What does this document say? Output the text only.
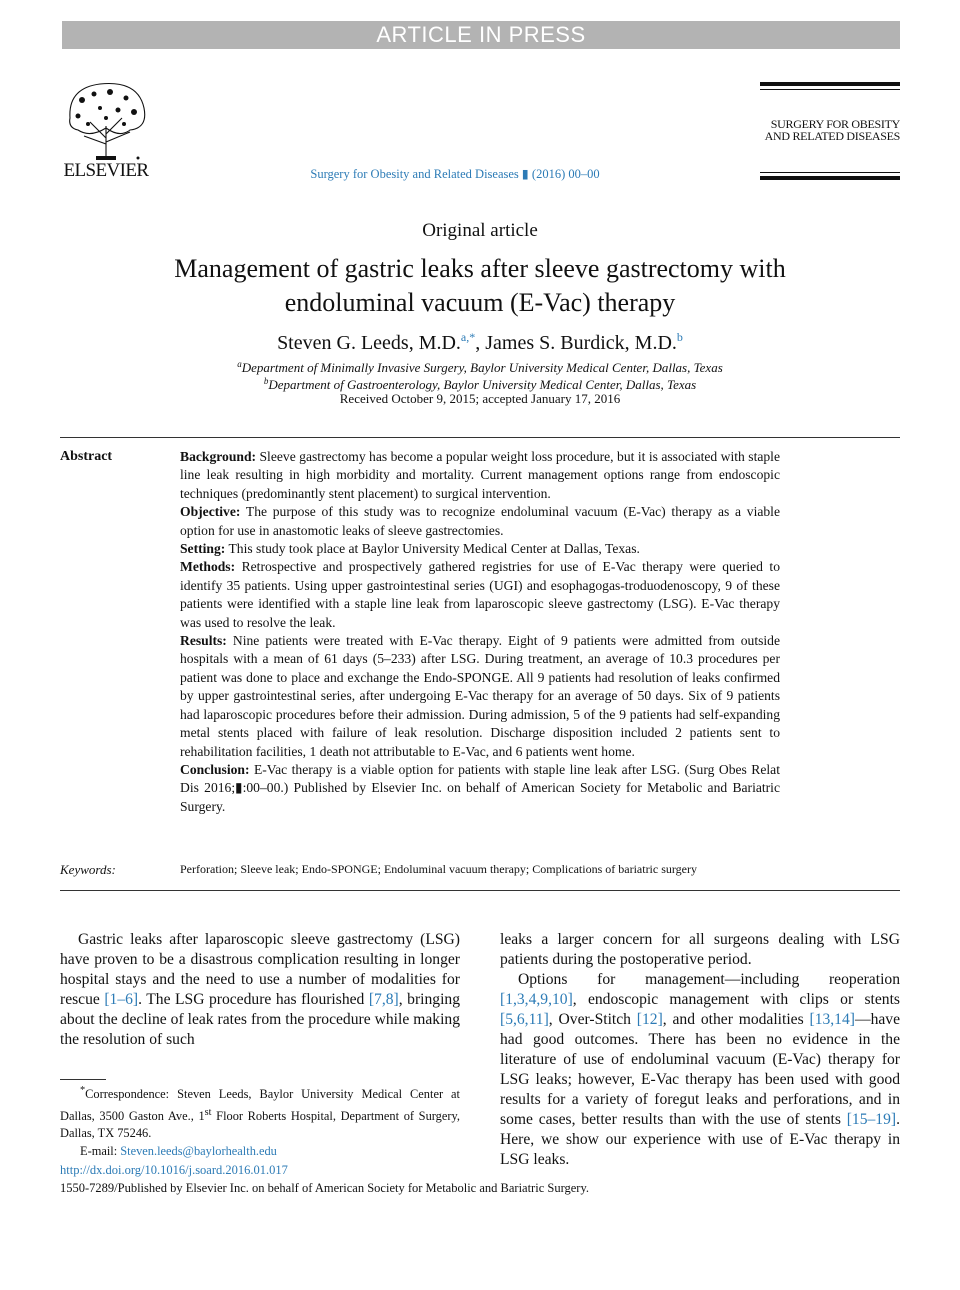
ARTICLE IN PRESS
ELSEVIER	Surgery for Obesity and Related Diseases ▮ (2016) 00–00
SURGERY FOR OBESITY
AND RELATED DISEASES
Original article
Management of gastric leaks after sleeve gastrectomy with
endoluminal vacuum (E-Vac) therapy
Steven G. Leeds, M.D.$^{a,*}$, James S. Burdick, M.D.$^b$
$^a$Department of Minimally Invasive Surgery, Baylor University Medical Center, Dallas, Texas
$^b$Department of Gastroenterology, Baylor University Medical Center, Dallas, Texas
Received October 9, 2015; accepted January 17, 2016
Abstract	Background: Sleeve gastrectomy has become a popular weight loss procedure, but it is associated with staple line leak resulting in high morbidity and mortality. Current management options range from endoscopic techniques (predominantly stent placement) to surgical intervention.

Objective: The purpose of this study was to recognize endoluminal vacuum (E-Vac) therapy as a viable option for use in anastomotic leaks of sleeve gastrectomies.

Setting: This study took place at Baylor University Medical Center at Dallas, Texas.

Methods: Retrospective and prospectively gathered registries for use of E-Vac therapy were queried to identify 35 patients. Using upper gastrointestinal series (UGI) and esophagogas-troduodenoscopy, 9 of these patients were identified with a staple line leak from laparoscopic sleeve gastrectomy (LSG). E-Vac therapy was used to resolve the leak.

Results: Nine patients were treated with E-Vac therapy. Eight of 9 patients were admitted from outside hospitals with a mean of 61 days (5–233) after LSG. During treatment, an average of 10.3 procedures per patient was done to place and exchange the Endo-SPONGE. All 9 patients had resolution of leaks confirmed by upper gastrointestinal series, after undergoing E-Vac therapy for an average of 50 days. Six of 9 patients had laparoscopic procedures before their admission. During admission, 5 of the 9 patients had self-expanding metal stents placed with failure of leak resolution. Discharge disposition included 2 patients sent to rehabilitation facilities, 1 death not attributable to E-Vac, and 6 patients went home.

Conclusion: E-Vac therapy is a viable option for patients with staple line leak after LSG. (Surg Obes Relat Dis 2016;▮:00–00.) Published by Elsevier Inc. on behalf of American Society for Metabolic and Bariatric Surgery.

Keywords:	Perforation; Sleeve leak; Endo-SPONGE; Endoluminal vacuum therapy; Complications of bariatric surgery

Gastric leaks after laparoscopic sleeve gastrectomy (LSG) have proven to be a disastrous complication resulting in longer hospital stays and the need to use a number of modalities for rescue [1–6]. The LSG procedure has flourished [7,8], bringing about the decline of leak rates from the procedure while making the resolution of such

leaks a larger concern for all surgeons dealing with LSG patients during the postoperative period.

Options for management—including reoperation [1,3,4,9,10], endoscopic management with clips or stents [5,6,11], Over-Stitch [12], and other modalities [13,14]—have had good outcomes. There has been no evidence in the literature of use of endoluminal vacuum (E-Vac) therapy for LSG leaks; however, E-Vac therapy has been used with good results for a variety of foregut leaks and perforations, and in some cases, better results than with the use of stents [15–19]. Here, we show our experience with use of E-Vac therapy in LSG leaks.

*Correspondence: Steven Leeds, Baylor University Medical Center at Dallas, 3500 Gaston Ave., 1st Floor Roberts Hospital, Department of Surgery, Dallas, TX 75246.

E-mail: Steven.leeds@baylorhealth.edu

http://dx.doi.org/10.1016/j.soard.2016.01.017
1550-7289/Published by Elsevier Inc. on behalf of American Society for Metabolic and Bariatric Surgery.
